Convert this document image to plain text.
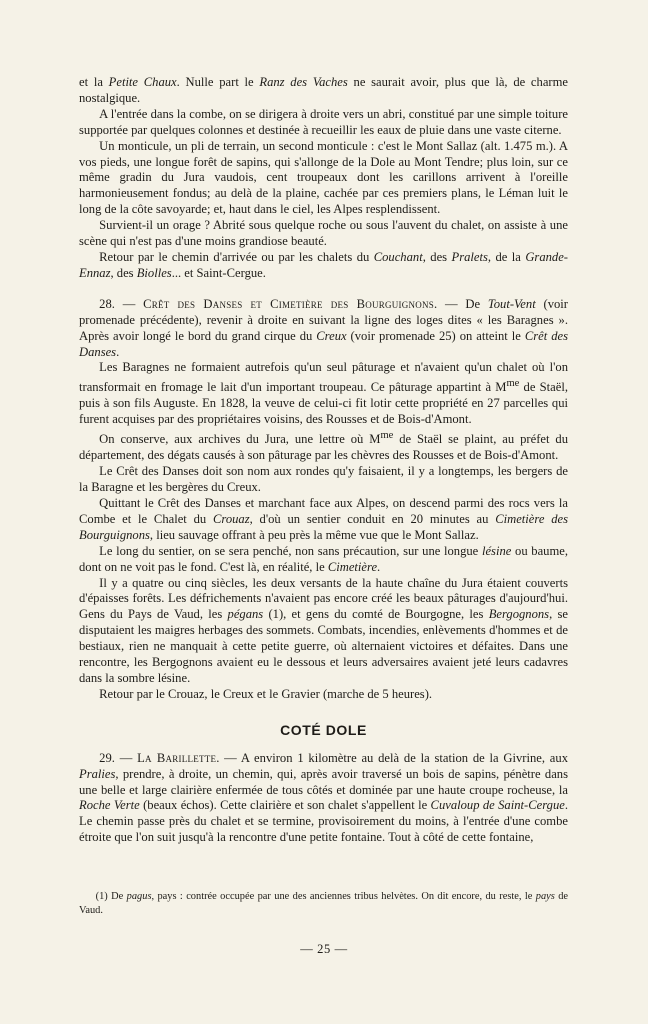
et la Petite Chaux. Nulle part le Ranz des Vaches ne saurait avoir, plus que là, de charme nostalgique.

A l'entrée dans la combe, on se dirigera à droite vers un abri, constitué par une simple toiture supportée par quelques colonnes et destinée à recueillir les eaux de pluie dans une vaste citerne.

Un monticule, un pli de terrain, un second monticule : c'est le Mont Sallaz (alt. 1.475 m.). A vos pieds, une longue forêt de sapins, qui s'allonge de la Dole au Mont Tendre; plus loin, sur ce même gradin du Jura vaudois, cent troupeaux dont les carillons arrivent à l'oreille harmonieusement fondus; au delà de la plaine, cachée par ces premiers plans, le Léman luit le long de la côte savoyarde; et, haut dans le ciel, les Alpes resplendissent.

Survient-il un orage ? Abrité sous quelque roche ou sous l'auvent du chalet, on assiste à une scène qui n'est pas d'une moins grandiose beauté.

Retour par le chemin d'arrivée ou par les chalets du Couchant, des Pralets, de la Grande-Ennaz, des Biolles... et Saint-Cergue.

28. — Crêt des Danses et Cimetière des Bourguignons. — De Tout-Vent (voir promenade précédente), revenir à droite en suivant la ligne des loges dites « les Baragnes ». Après avoir longé le bord du grand cirque du Creux (voir promenade 25) on atteint le Crêt des Danses.

Les Baragnes ne formaient autrefois qu'un seul pâturage et n'avaient qu'un chalet où l'on transformait en fromage le lait d'un important troupeau. Ce pâturage appartint à $M^{me}$ de Staël, puis à son fils Auguste. En 1828, la veuve de celui-ci fit lotir cette propriété en 27 parcelles qui furent acquises par des propriétaires voisins, des Rousses et de Bois-d'Amont.

On conserve, aux archives du Jura, une lettre où $M^{me}$ de Staël se plaint, au préfet du département, des dégats causés à son pâturage par les chèvres des Rousses et de Bois-d'Amont.

Le Crêt des Danses doit son nom aux rondes qu'y faisaient, il y a longtemps, les bergers de la Baragne et les bergères du Creux.

Quittant le Crêt des Danses et marchant face aux Alpes, on descend parmi des rocs vers la Combe et le Chalet du Crouaz, d'où un sentier conduit en 20 minutes au Cimetière des Bourguignons, lieu sauvage offrant à peu près la même vue que le Mont Sallaz.

Le long du sentier, on se sera penché, non sans précaution, sur une longue lésine ou baume, dont on ne voit pas le fond. C'est là, en réalité, le Cimetière.

Il y a quatre ou cinq siècles, les deux versants de la haute chaîne du Jura étaient couverts d'épaisses forêts. Les défrichements n'avaient pas encore créé les beaux pâturages d'aujourd'hui. Gens du Pays de Vaud, les pégans (1), et gens du comté de Bourgogne, les Bergognons, se disputaient les maigres herbages des sommets. Combats, incendies, enlèvements d'hommes et de bestiaux, rien ne manquait à cette petite guerre, où alternaient victoires et défaites. Dans une rencontre, les Bergognons avaient eu le dessous et leurs adversaires avaient jeté leurs cadavres dans la sombre lésine.

Retour par le Crouaz, le Creux et le Gravier (marche de 5 heures).

COTÉ DOLE

29. — La Barillette. — A environ 1 kilomètre au delà de la station de la Givrine, aux Pralies, prendre, à droite, un chemin, qui, après avoir traversé un bois de sapins, pénètre dans une belle et large clairière enfermée de tous côtés et dominée par une haute croupe rocheuse, la Roche Verte (beaux échos). Cette clairière et son chalet s'appellent le Cuvaloup de Saint-Cergue. Le chemin passe près du chalet et se termine, provisoirement du moins, à l'entrée d'une combe étroite que l'on suit jusqu'à la rencontre d'une petite fontaine. Tout à côté de cette fontaine,

(1) De pagus, pays : contrée occupée par une des anciennes tribus helvètes. On dit encore, du reste, le pays de Vaud.

— 25 —
